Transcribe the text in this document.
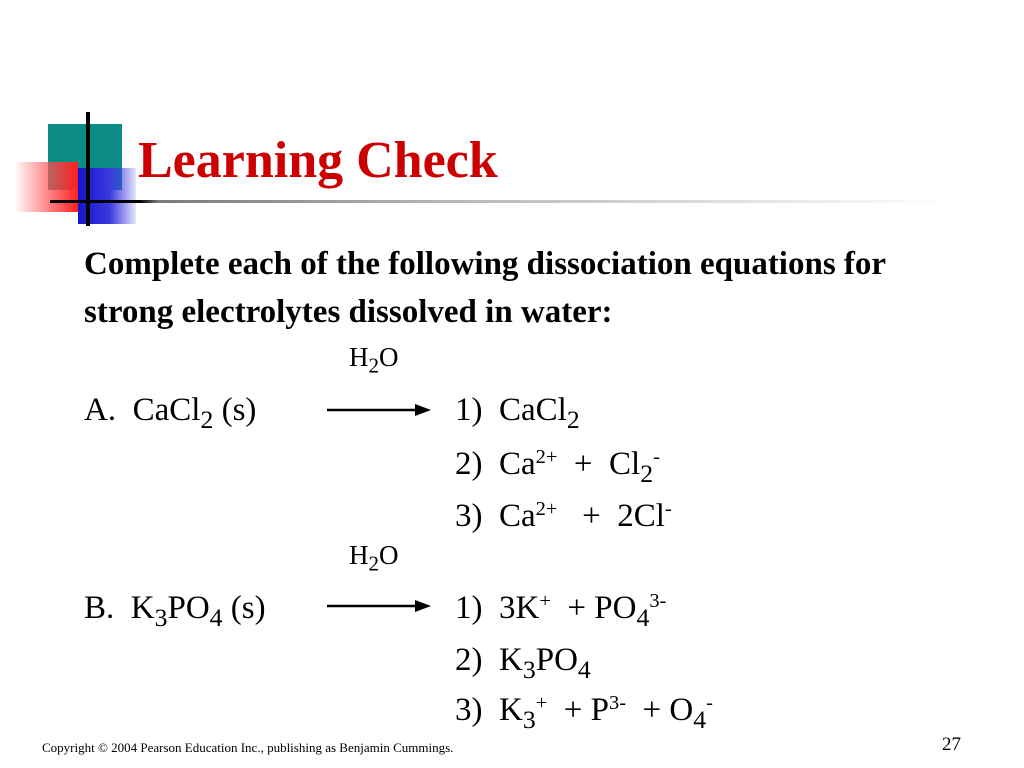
Learning Check
Complete each of the following dissociation equations for strong electrolytes dissolved in water:
$H_2O$
A. CaCl$_2$ (s)	1) CaCl$_2$
2) $Ca^{2+} + Cl_2^-$
3) $Ca^{2+} + 2Cl^-$
$H_2O$
B. $K_3PO_4$ (s)	1) $3K^+ + PO_4^{3-}$
2) $K_3PO_4$
3) $K_3^+ + P^{3-} + O_4^-$
Copyright © 2004 Pearson Education Inc., publishing as Benjamin Cummings.	27
